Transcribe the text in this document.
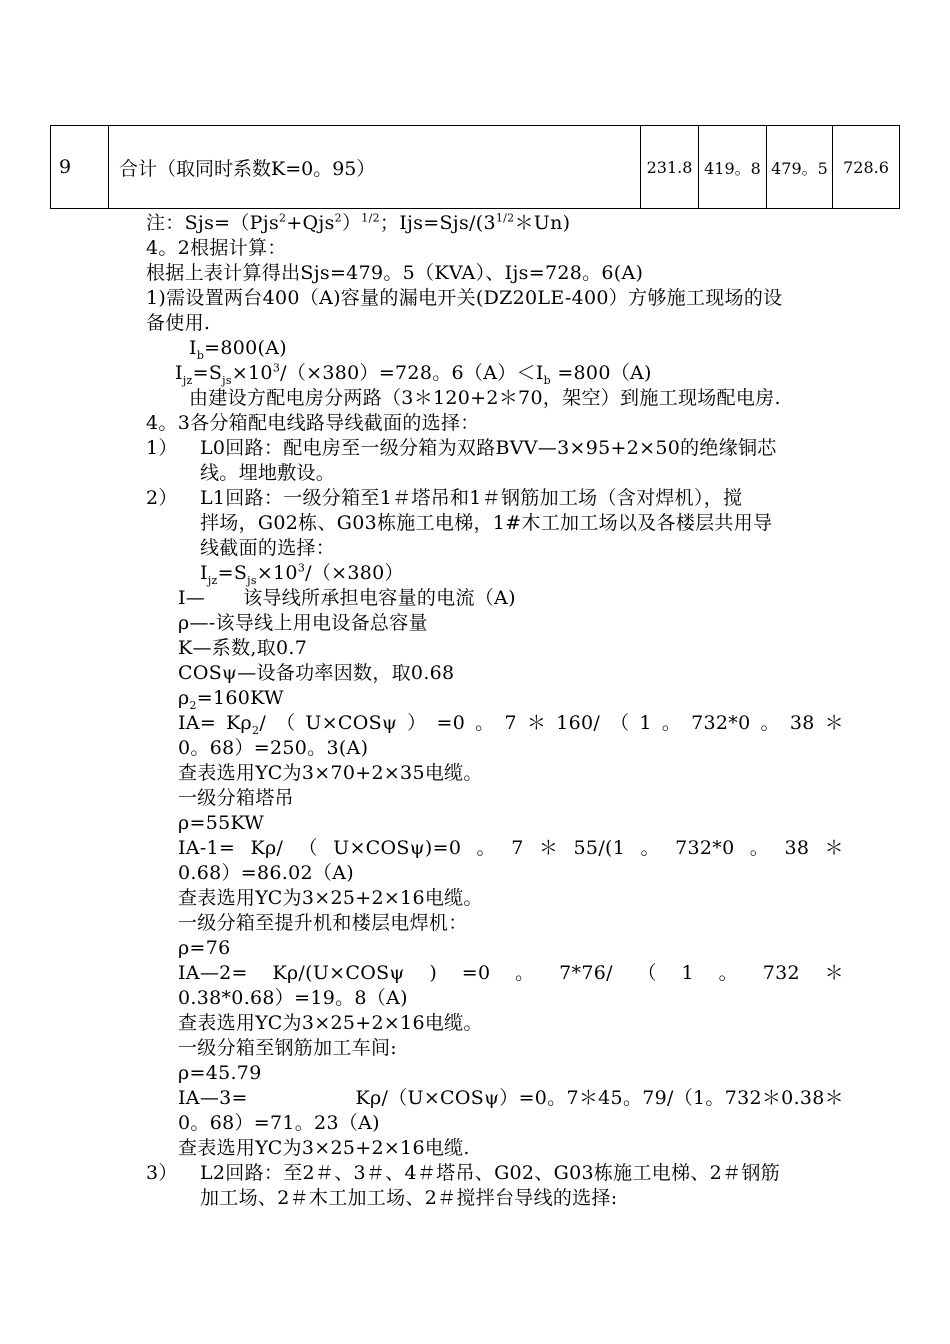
9	合计（取同时系数K=0。95）	231.8	419。8	479。5	728.6
注：$Sjs=(Pjs^2+Qjs^2)^{1/2}$；$Ijs=Sjs/(3^{1/2}*Un)$
4。2根据计算：
根据上表计算得出Sjs=479。5（KVA）、Ijs=728。6(A)
1)需设置两台400（A)容量的漏电开关(DZ20LE-400）方够施工现场的设
备使用.
$I_b=800(A)$
$I_{jz}=S_{js}\times 10^3/(\times 380)=728$。$6(A)<I_b =800(A)$
由建设方配电房分两路（3＊120+2＊70，架空）到施工现场配电房.
4。3各分箱配电线路导线截面的选择：
1） L0回路：配电房至一级分箱为双路BVV—3×95+2×50的绝缘铜芯
线。埋地敷设。
2） L1回路：一级分箱至1＃塔吊和1＃钢筋加工场（含对焊机），搅
拌场，G02栋、G03栋施工电梯，1#木工加工场以及各楼层共用导
线截面的选择：
$I_{jz}=S_{js}\times 10^3/(\times 380)$
I—      该导线所承担电容量的电流（A)
ρ—-该导线上用电设备总容量
K—系数,取0.7
COSψ—设备功率因数，取0.68
$\rho_2=160KW$
$IA= K\rho_2/$ （ U×COSψ ） =0 。 7 ＊ 160/ （ 1 。 732*0 。 38 ＊
0。68）=250。3(A)
查表选用YC为3×70+2×35电缆。
一级分箱塔吊
ρ=55KW
IA-1= Kρ/ （ U×COSψ)=0 。 7 ＊ 55/(1 。 732*0 。 38 ＊
0.68）=86.02（A)
查表选用YC为3×25+2×16电缆。
一级分箱至提升机和楼层电焊机：
ρ=76
IA—2= Kρ/(U×COSψ ) =0 。 7*76/ （ 1 。 732 ＊
0.38*0.68）=19。8（A)
查表选用YC为3×25+2×16电缆。
一级分箱至钢筋加工车间:
ρ=45.79
IA—3=	Kρ/（U×COSψ）=0。7＊45。79/（1。732＊0.38＊
0。68）=71。23（A)
查表选用YC为3×25+2×16电缆.
3） L2回路：至2＃、3＃、4＃塔吊、G02、G03栋施工电梯、2＃钢筋
加工场、2＃木工加工场、2＃搅拌台导线的选择:
